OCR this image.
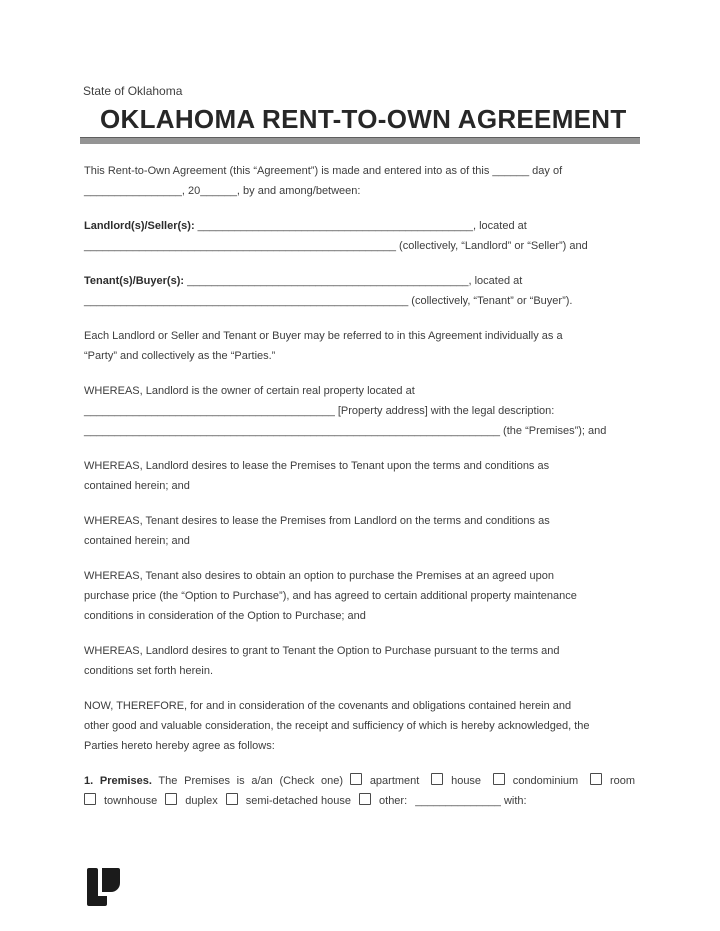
State of Oklahoma
OKLAHOMA RENT-TO-OWN AGREEMENT

This Rent-to-Own Agreement (this “Agreement”) is made and entered into as of this ______ day of
________________, 20______, by and among/between:

Landlord(s)/Seller(s): _____________________________________________, located at
___________________________________________________ (collectively, “Landlord” or “Seller”) and

Tenant(s)/Buyer(s): ______________________________________________, located at
_____________________________________________________ (collectively, “Tenant” or “Buyer”).

Each Landlord or Seller and Tenant or Buyer may be referred to in this Agreement individually as a
“Party” and collectively as the “Parties.”

WHEREAS, Landlord is the owner of certain real property located at
_________________________________________ [Property address] with the legal description:
____________________________________________________________________ (the “Premises”); and

WHEREAS, Landlord desires to lease the Premises to Tenant upon the terms and conditions as
contained herein; and

WHEREAS, Tenant desires to lease the Premises from Landlord on the terms and conditions as
contained herein; and

WHEREAS, Tenant also desires to obtain an option to purchase the Premises at an agreed upon
purchase price (the “Option to Purchase”), and has agreed to certain additional property maintenance
conditions in consideration of the Option to Purchase; and

WHEREAS, Landlord desires to grant to Tenant the Option to Purchase pursuant to the terms and
conditions set forth herein.

NOW, THEREFORE, for and in consideration of the covenants and obligations contained herein and
other good and valuable consideration, the receipt and sufficiency of which is hereby acknowledged, the
Parties hereto hereby agree as follows:

1. Premises. The Premises is a/an (Check one) apartment	house	condominium	room townhouse	duplex	semi-detached house	other: ______________ with:
